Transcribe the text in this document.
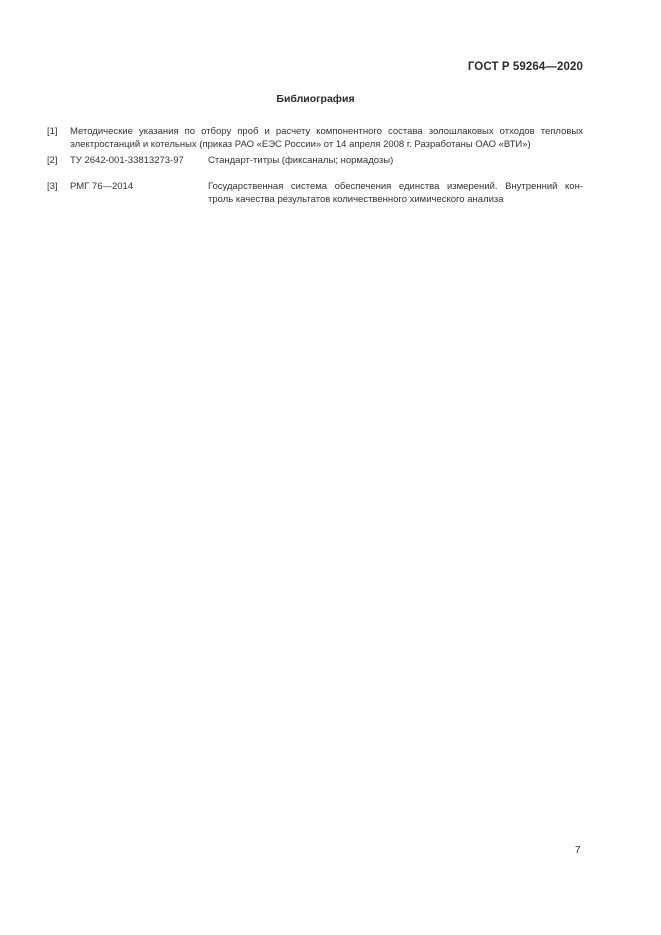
ГОСТ Р 59264—2020
Библиография
[1] Методические указания по отбору проб и расчету компонентного состава золошлаковых отходов тепловых
электростанций и котельных (приказ РАО «ЕЭС России» от 14 апреля 2008 г. Разработаны ОАО «ВТИ»)
[2] ТУ 2642-001-33813273-97	Стандарт-титры (фиксаналы; нормадозы)
[3] РМГ 76—2014	Государственная система обеспечения единства измерений. Внутренний кон-
троль качества результатов количественного химического анализа
7
